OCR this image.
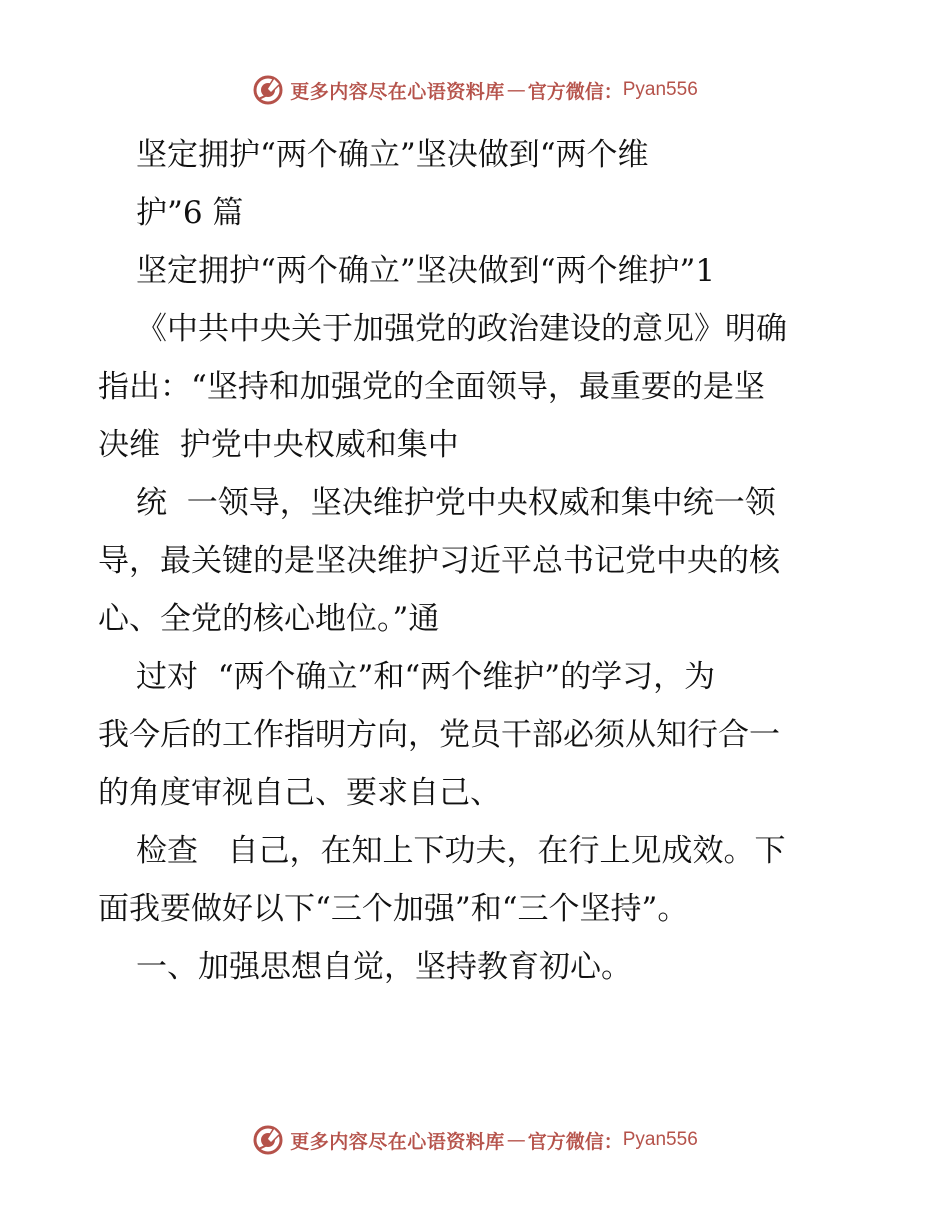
更多内容尽在心语资料库 — 官方微信： Pyan556
坚定拥护“两个确立”坚决做到“两个维
护”6 篇
坚定拥护“两个确立”坚决做到“两个维护”1
《中共中央关于加强党的政治建设的意见》明确
指出：“坚持和加强党的全面领导，最重要的是坚
决维  护党中央权威和集中
统  一领导，坚决维护党中央权威和集中统一领
导，最关键的是坚决维护习近平总书记党中央的核
心、全党的核心地位。”通
过对  “两个确立”和“两个维护”的学习，为
我今后的工作指明方向，党员干部必须从知行合一
的角度审视自己、要求自己、
检查   自己，在知上下功夫，在行上见成效。下
面我要做好以下“三个加强”和“三个坚持”。
一、加强思想自觉，坚持教育初心。
更多内容尽在心语资料库 — 官方微信： Pyan556
